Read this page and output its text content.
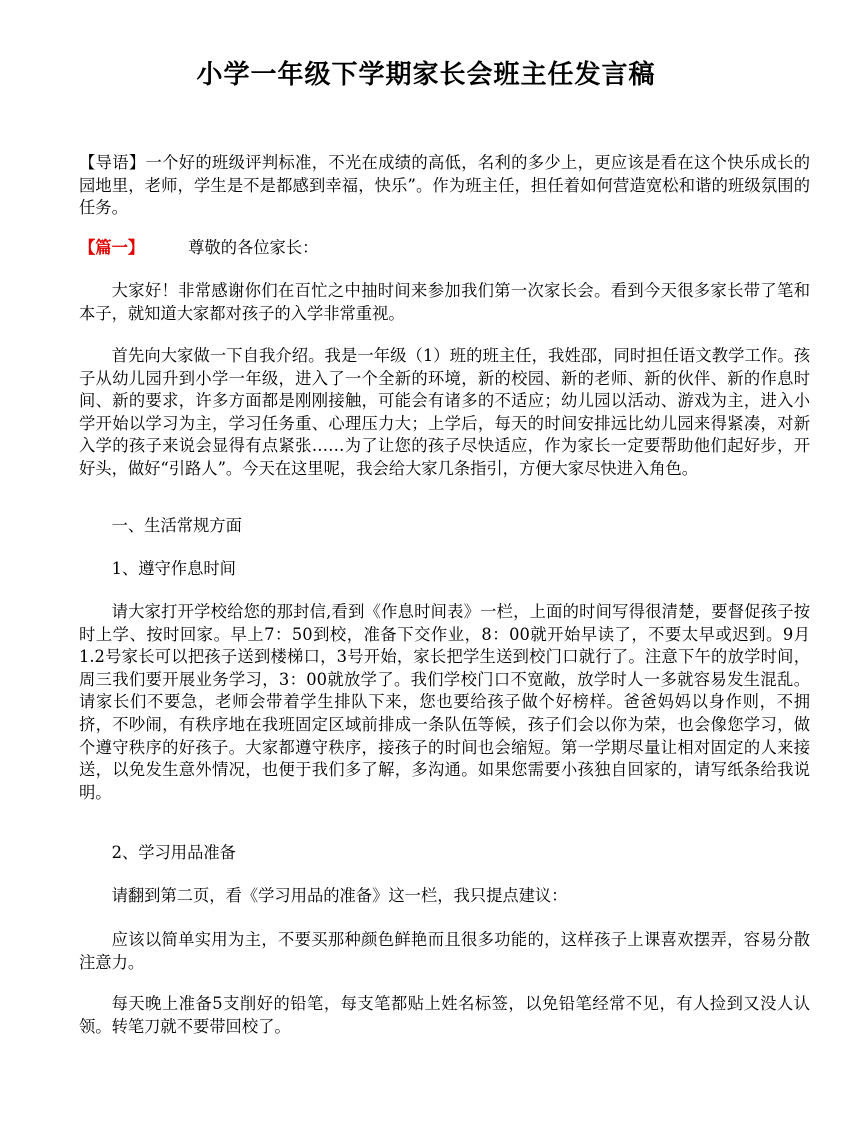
小学一年级下学期家长会班主任发言稿
【导语】一个好的班级评判标准，不光在成绩的高低，名利的多少上，更应该是看在这个快乐成长的园地里，老师，学生是不是都感到幸福，快乐”。作为班主任，担任着如何营造宽松和谐的班级氛围的任务。
【篇一】	尊敬的各位家长：
大家好！非常感谢你们在百忙之中抽时间来参加我们第一次家长会。看到今天很多家长带了笔和本子，就知道大家都对孩子的入学非常重视。
首先向大家做一下自我介绍。我是一年级（1）班的班主任，我姓邵，同时担任语文教学工作。孩子从幼儿园升到小学一年级，进入了一个全新的环境，新的校园、新的老师、新的伙伴、新的作息时间、新的要求，许多方面都是刚刚接触，可能会有诸多的不适应；幼儿园以活动、游戏为主，进入小学开始以学习为主，学习任务重、心理压力大；上学后，每天的时间安排远比幼儿园来得紧凑，对新入学的孩子来说会显得有点紧张……为了让您的孩子尽快适应，作为家长一定要帮助他们起好步，开好头，做好“引路人”。今天在这里呢，我会给大家几条指引，方便大家尽快进入角色。
一、生活常规方面
1、遵守作息时间
请大家打开学校给您的那封信,看到《作息时间表》一栏，上面的时间写得很清楚，要督促孩子按时上学、按时回家。早上7：50到校，准备下交作业，8：00就开始早读了，不要太早或迟到。9月1.2号家长可以把孩子送到楼梯口，3号开始，家长把学生送到校门口就行了。注意下午的放学时间，周三我们要开展业务学习，3：00就放学了。我们学校门口不宽敞，放学时人一多就容易发生混乱。请家长们不要急，老师会带着学生排队下来，您也要给孩子做个好榜样。爸爸妈妈以身作则，不拥挤，不吵闹，有秩序地在我班固定区域前排成一条队伍等候，孩子们会以你为荣，也会像您学习，做个遵守秩序的好孩子。大家都遵守秩序，接孩子的时间也会缩短。第一学期尽量让相对固定的人来接送，以免发生意外情况，也便于我们多了解，多沟通。如果您需要小孩独自回家的，请写纸条给我说明。
2、学习用品准备
请翻到第二页，看《学习用品的准备》这一栏，我只提点建议：
应该以简单实用为主，不要买那种颜色鲜艳而且很多功能的，这样孩子上课喜欢摆弄，容易分散注意力。
每天晚上准备5支削好的铅笔，每支笔都贴上姓名标签，以免铅笔经常不见，有人捡到又没人认领。转笔刀就不要带回校了。
